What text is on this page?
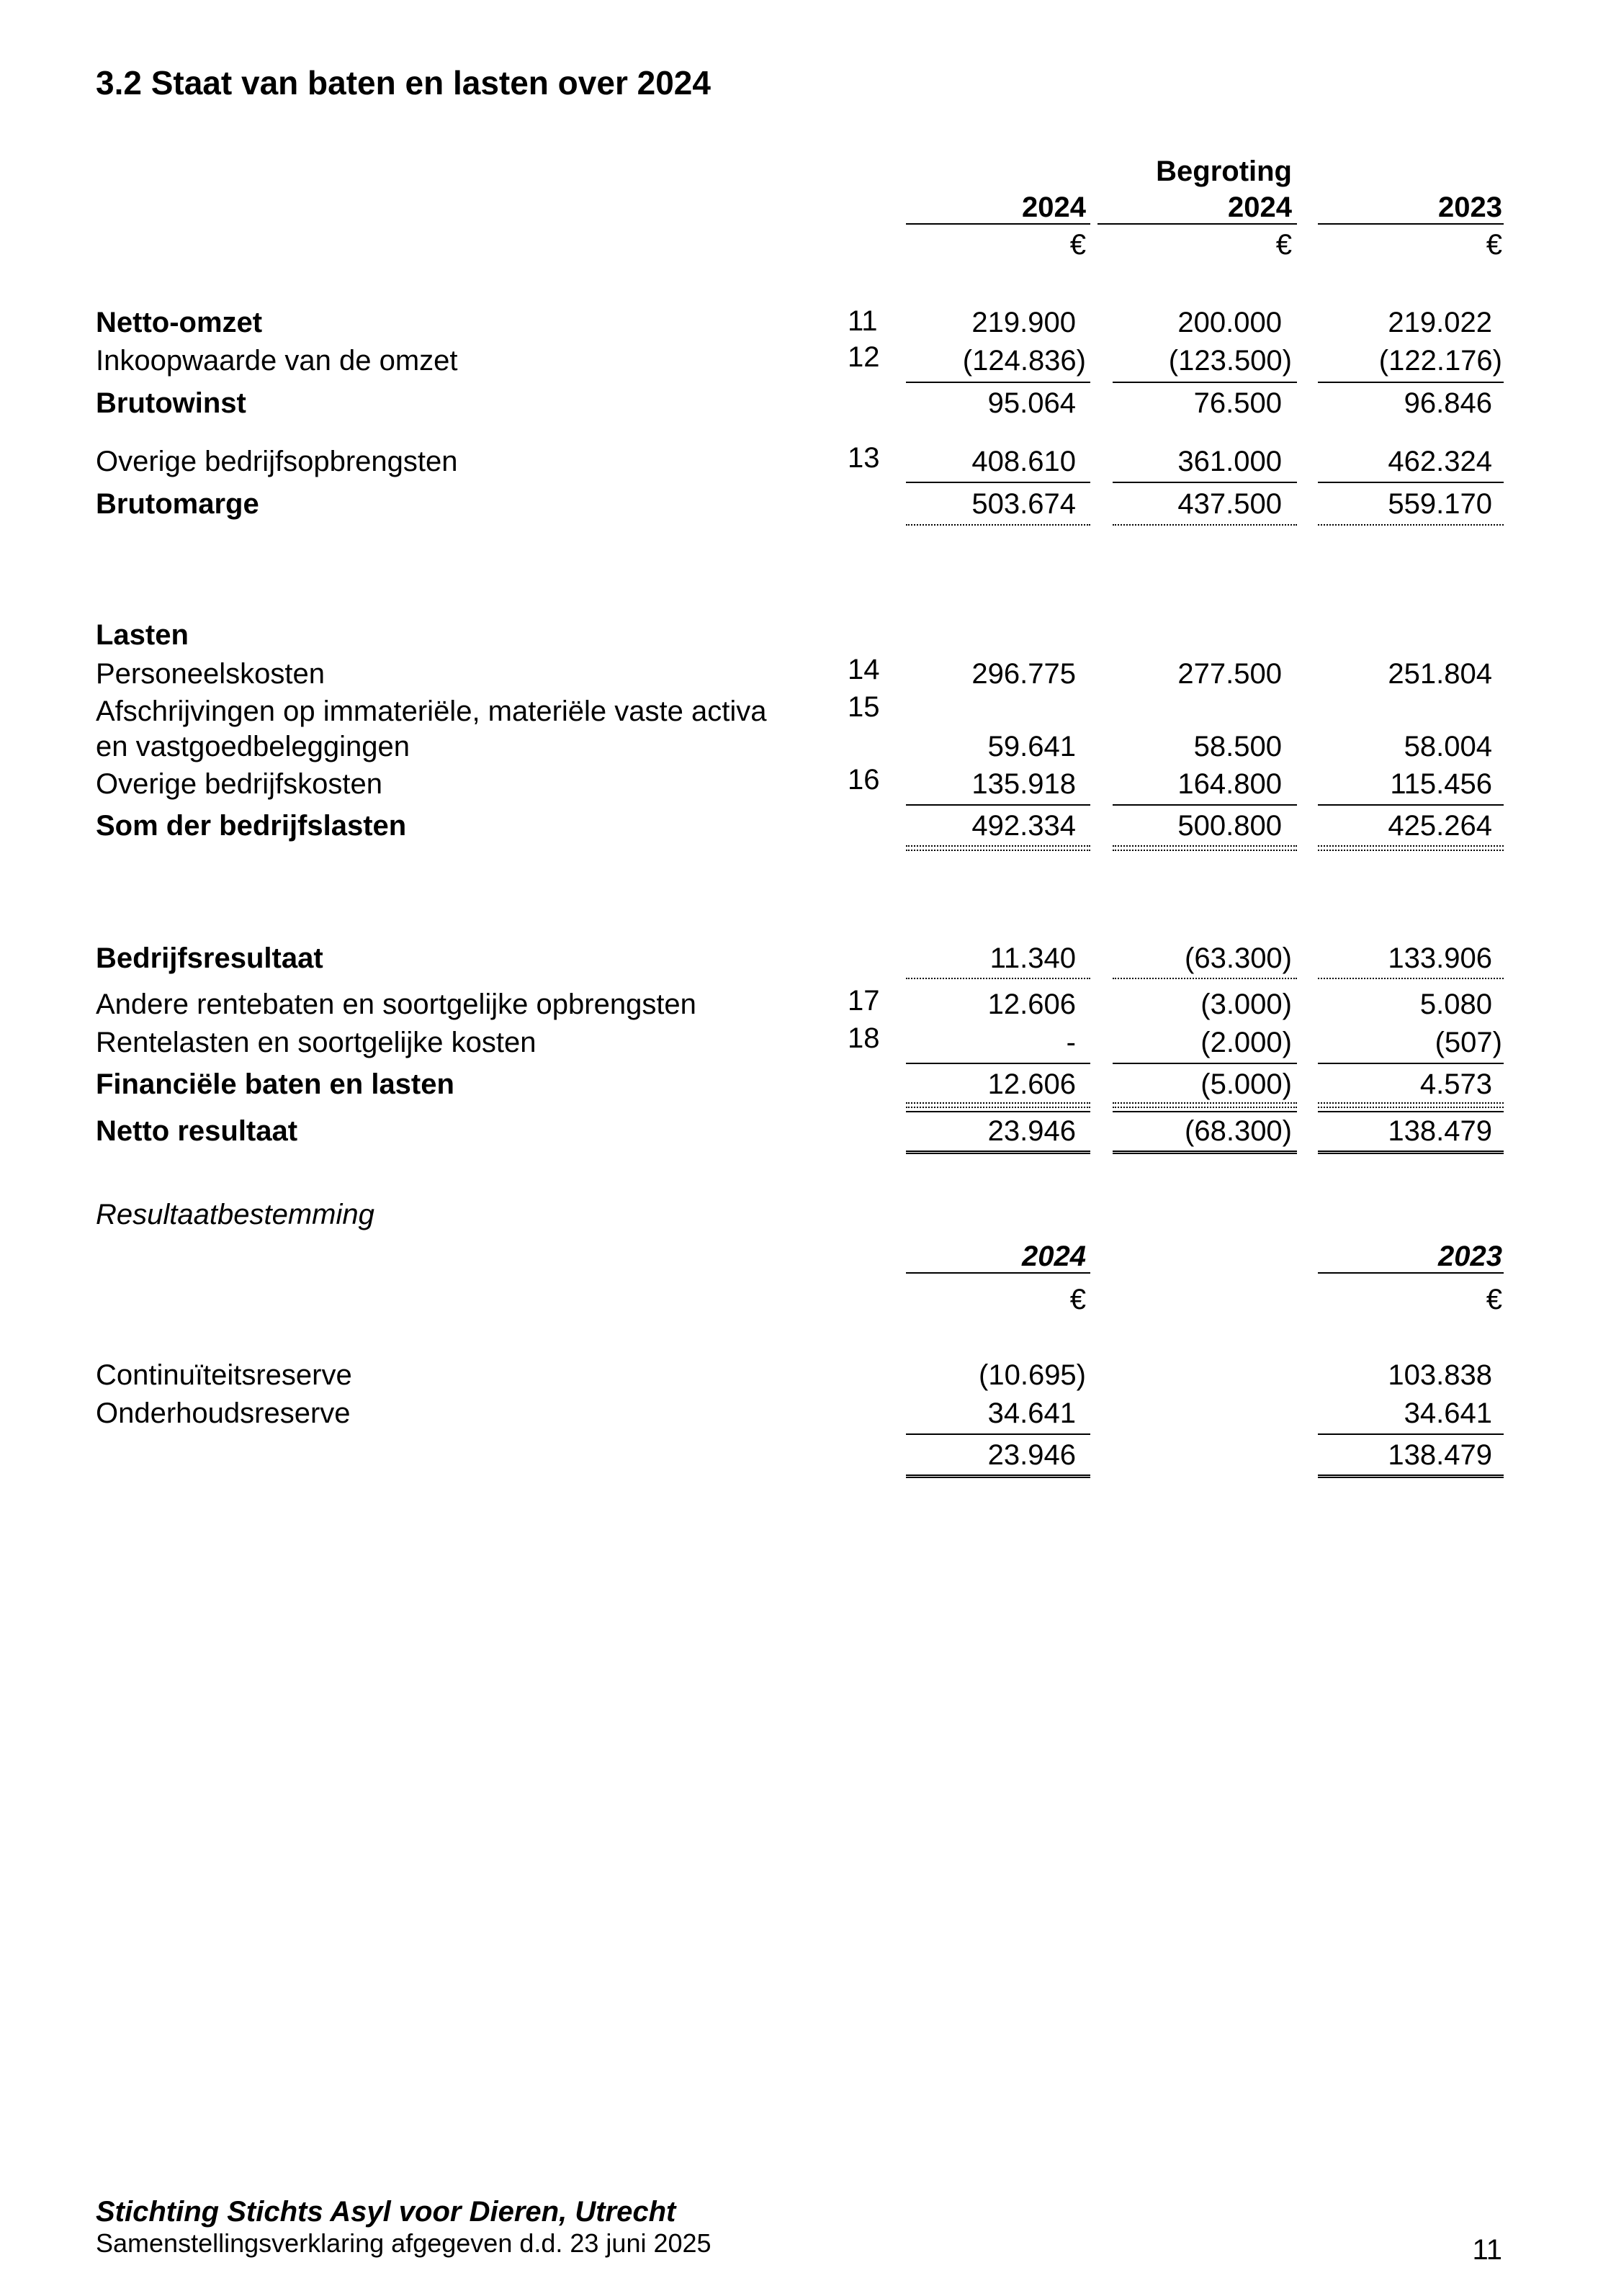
3.2 Staat van baten en lasten over 2024
Begroting
2024	2024	2023
€	€	€
Netto-omzet	11	219.900	200.000	219.022
Inkoopwaarde van de omzet	12	(124.836)	(123.500)	(122.176)
Brutowinst	95.064	76.500	96.846
Overige bedrijfsopbrengsten	13	408.610	361.000	462.324
Brutomarge	503.674	437.500	559.170
Lasten
Personeelskosten	14	296.775	277.500	251.804
Afschrijvingen op immateriële, materiële vaste activa	15
en vastgoedbeleggingen	59.641	58.500	58.004
Overige bedrijfskosten	16	135.918	164.800	115.456
Som der bedrijfslasten	492.334	500.800	425.264
Bedrijfsresultaat	11.340	(63.300)	133.906
Andere rentebaten en soortgelijke opbrengsten	17	12.606	(3.000)	5.080
Rentelasten en soortgelijke kosten	18	-	(2.000)	(507)
Financiële baten en lasten	12.606	(5.000)	4.573
Netto resultaat	23.946	(68.300)	138.479
Resultaatbestemming
2024	2023
€	€
Continuïteitsreserve	(10.695)	103.838
Onderhoudsreserve	34.641	34.641
23.946	138.479
Stichting Stichts Asyl voor Dieren, Utrecht
Samenstellingsverklaring afgegeven d.d. 23 juni 2025	11
